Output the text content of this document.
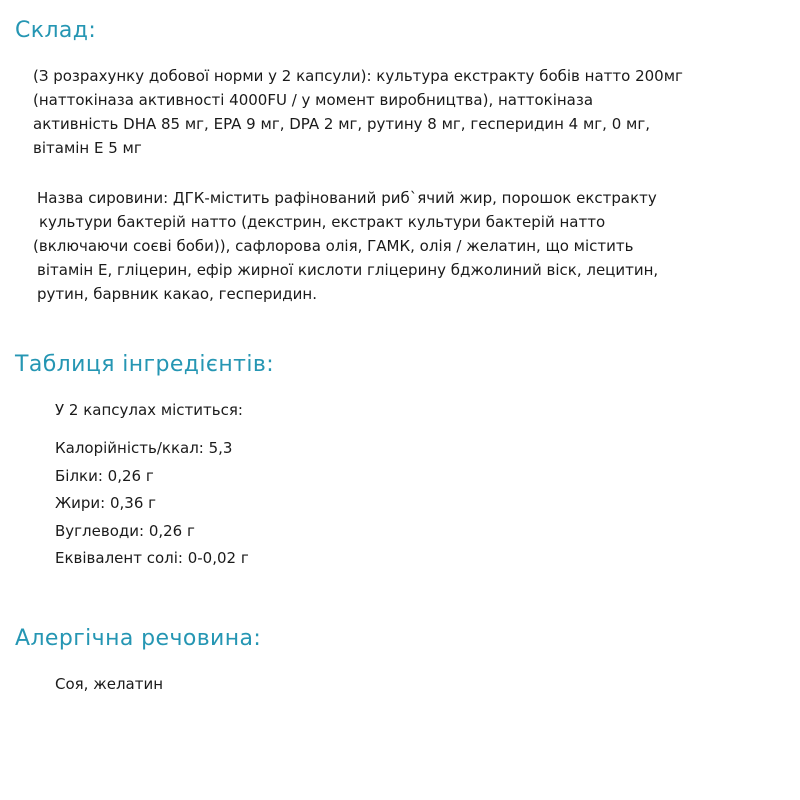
Склад:
(З розрахунку добової норми у 2 капсули): культура екстракту бобів натто 200мг
(наттокіназа активності 4000FU / у момент виробництва), наттокіназа
активність DHA 85 мг, EPA 9 мг, DPA 2 мг, рутину 8 мг, гесперидин 4 мг, 0 мг,
вітамін Е 5 мг
Назва сировини: ДГК-містить рафінований риб`ячий жир, порошок екстракту
культури бактерій натто (декстрин, екстракт культури бактерій натто
(включаючи соєві боби)), сафлорова олія, ГАМК, олія / желатин, що містить
вітамін E, гліцерин, ефір жирної кислоти гліцерину бджолиний віск, лецитин,
рутин, барвник какао, гесперидин.
Таблиця інгредієнтів:
У 2 капсулах міститься:
Калорійність/ккал: 5,3
Білки: 0,26 г
Жири: 0,36 г
Вуглеводи: 0,26 г
Еквівалент солі: 0-0,02 г
Алергічна речовина:
Соя, желатин
